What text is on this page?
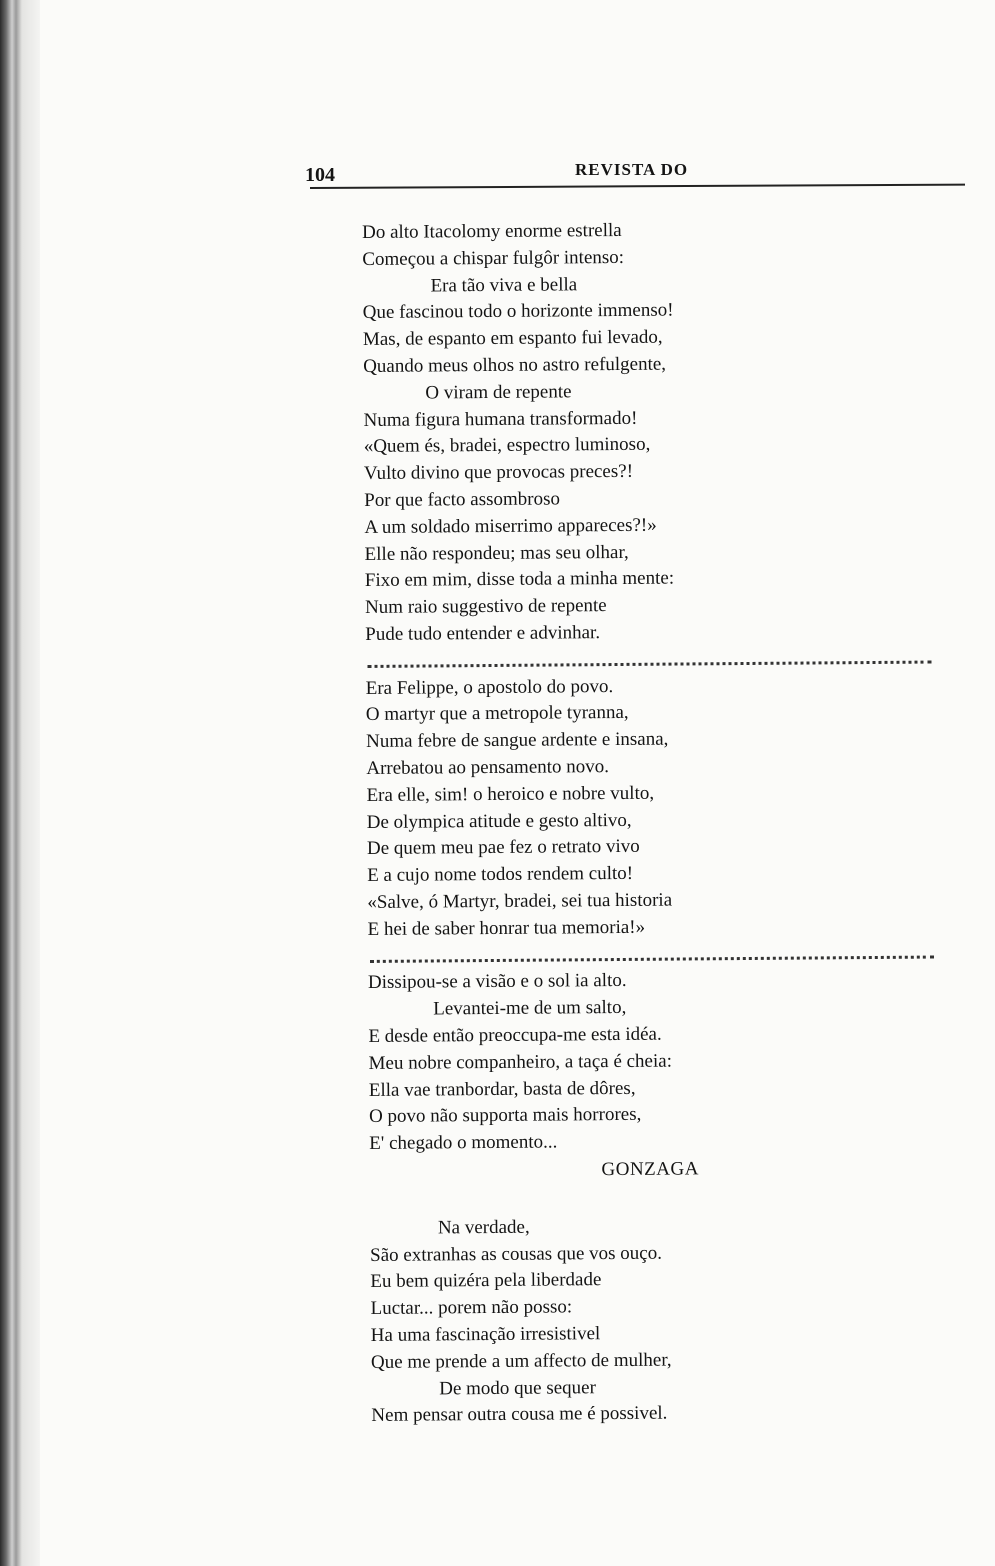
104	REVISTA DO
Do alto Itacolomy enorme estrella
Começou a chispar fulgôr intenso:
Era tão viva e bella
Que fascinou todo o horizonte immenso!
Mas, de espanto em espanto fui levado,
Quando meus olhos no astro refulgente,
O viram de repente
Numa figura humana transformado!
«Quem és, bradei, espectro luminoso,
Vulto divino que provocas preces?!
Por que facto assombroso
A um soldado miserrimo appareces?!»
Elle não respondeu; mas seu olhar,
Fixo em mim, disse toda a minha mente:
Num raio suggestivo de repente
Pude tudo entender e advinhar.
Era Felippe, o apostolo do povo.
O martyr que a metropole tyranna,
Numa febre de sangue ardente e insana,
Arrebatou ao pensamento novo.
Era elle, sim! o heroico e nobre vulto,
De olympica atitude e gesto altivo,
De quem meu pae fez o retrato vivo
E a cujo nome todos rendem culto!
«Salve, ó Martyr, bradei, sei tua historia
E hei de saber honrar tua memoria!»
Dissipou-se a visão e o sol ia alto.
Levantei-me de um salto,
E desde então preoccupa-me esta idéa.
Meu nobre companheiro, a taça é cheia:
Ella vae tranbordar, basta de dôres,
O povo não supporta mais horrores,
E' chegado o momento...
GONZAGA
Na verdade,
São extranhas as cousas que vos ouço.
Eu bem quizéra pela liberdade
Luctar... porem não posso:
Ha uma fascinação irresistivel
Que me prende a um affecto de mulher,
De modo que sequer
Nem pensar outra cousa me é possivel.
